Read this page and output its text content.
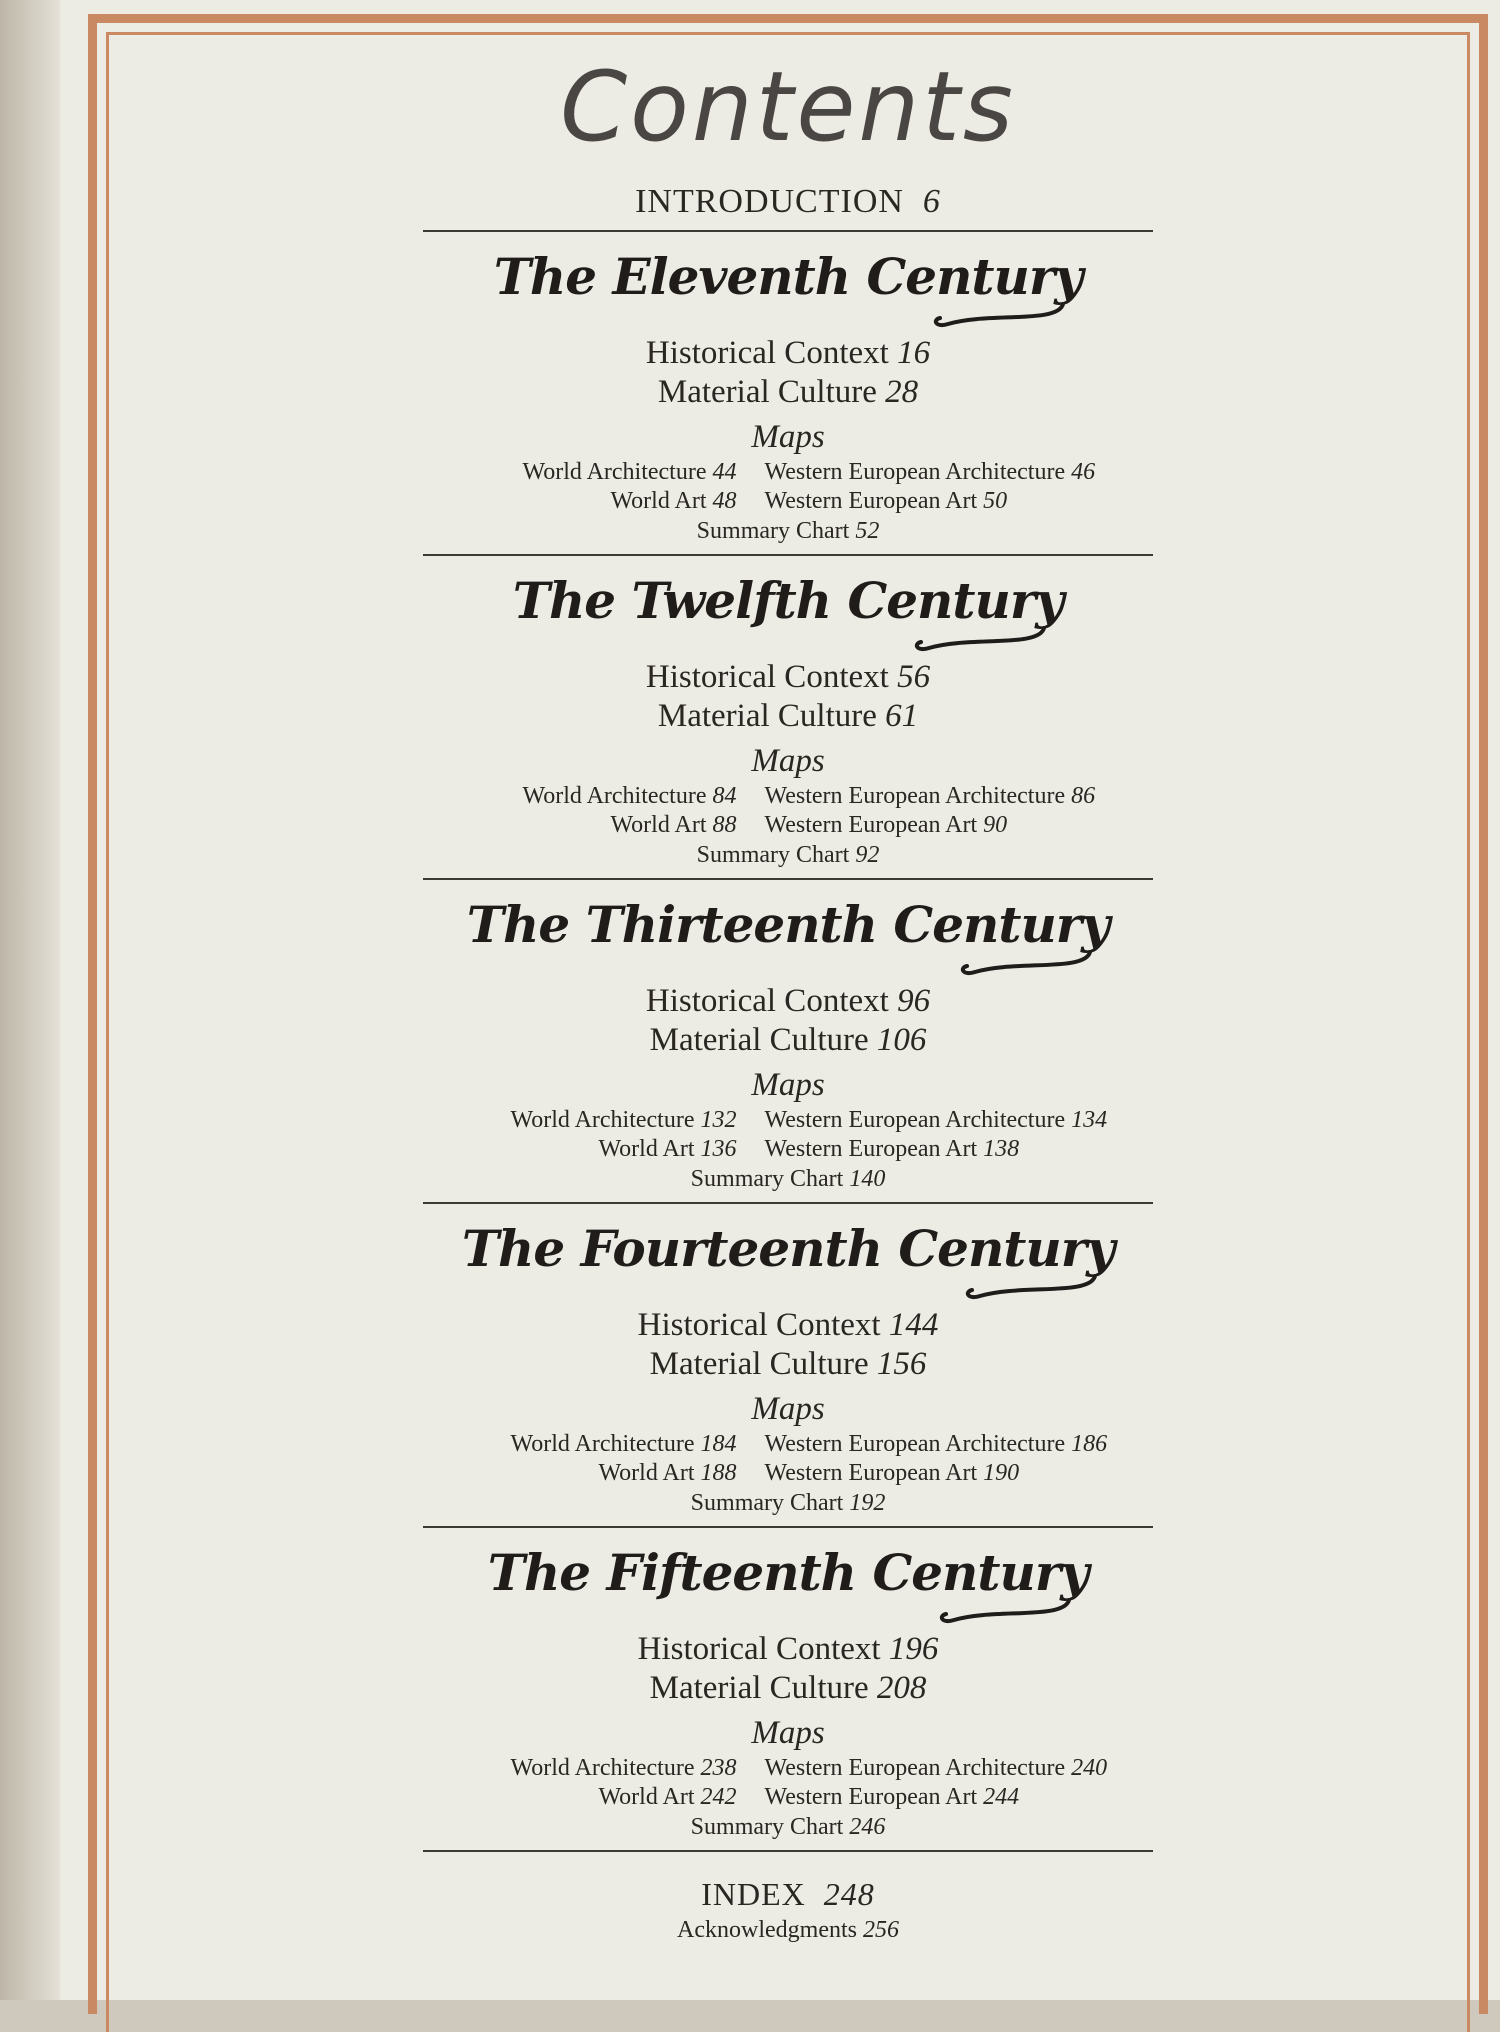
Contents
INTRODUCTION 6
The Eleventh Century
Historical Context 16
Material Culture 28
Maps
World Architecture 44	Western European Architecture 46
World Art 48	Western European Art 50
Summary Chart 52
The Twelfth Century
Historical Context 56
Material Culture 61
Maps
World Architecture 84	Western European Architecture 86
World Art 88	Western European Art 90
Summary Chart 92
The Thirteenth Century
Historical Context 96
Material Culture 106
Maps
World Architecture 132	Western European Architecture 134
World Art 136	Western European Art 138
Summary Chart 140
The Fourteenth Century
Historical Context 144
Material Culture 156
Maps
World Architecture 184	Western European Architecture 186
World Art 188	Western European Art 190
Summary Chart 192
The Fifteenth Century
Historical Context 196
Material Culture 208
Maps
World Architecture 238	Western European Architecture 240
World Art 242	Western European Art 244
Summary Chart 246
INDEX 248
Acknowledgments 256
